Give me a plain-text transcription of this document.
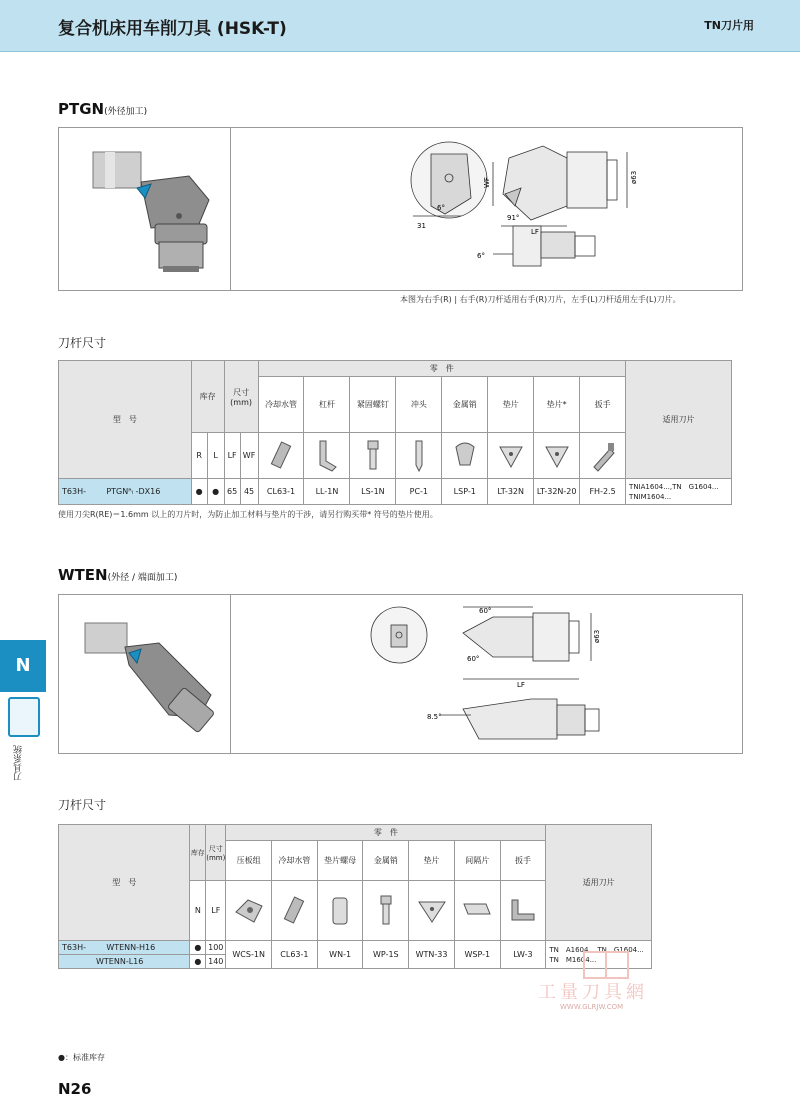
复合机床用车削刀具 (HSK-T)	TN刀片用
PTGN(外径加工)
ø63
WF
LF
91°
31
6°
6°
本图为右手(R) | 右手(R)刀杆适用右手(R)刀片，左手(L)刀杆适用左手(L)刀片。
刀杆尺寸
型　号	库存		尺寸 (mm)		零　件								适用刀片
					冷却水管	杠杆	紧固螺钉	冲头	金属销	垫片	垫片*	扳手	
	R	L	LF	WF								
T63H- PTGNᴿₗ -DX16	●	●	65	45	CL63-1	LL-1N	LS-1N	PC-1	LSP-1	LT-32N	LT-32N-20	FH-2.5	TNⅠA1604...,TN　G1604...
TNⅠM1604...
使用刀尖R(RE)＝1.6mm 以上的刀片时，为防止加工材料与垫片的干涉，请另行购买带* 符号的垫片使用。
WTEN(外径 / 端面加工)
ø63
LF
60°
60°
8.5°
刀杆尺寸
型　号	库存	尺寸 (mm)	零　件							适用刀片
			压板组	冷却水管	垫片螺母	金属销	垫片	间隔片	扳手	
	N	LF							
T63H- WTENN-H16	●	100	WCS-1N	CL63-1	WN-1	WP-1S	WTN-33	WSP-1	LW-3	TN　A1604...,TN　G1604...
TN　M1604...

WTENN-L16	●	140								
N
刀具系统
工量刀具網
WWW.GLRJW.COM
●：标准库存
N26
